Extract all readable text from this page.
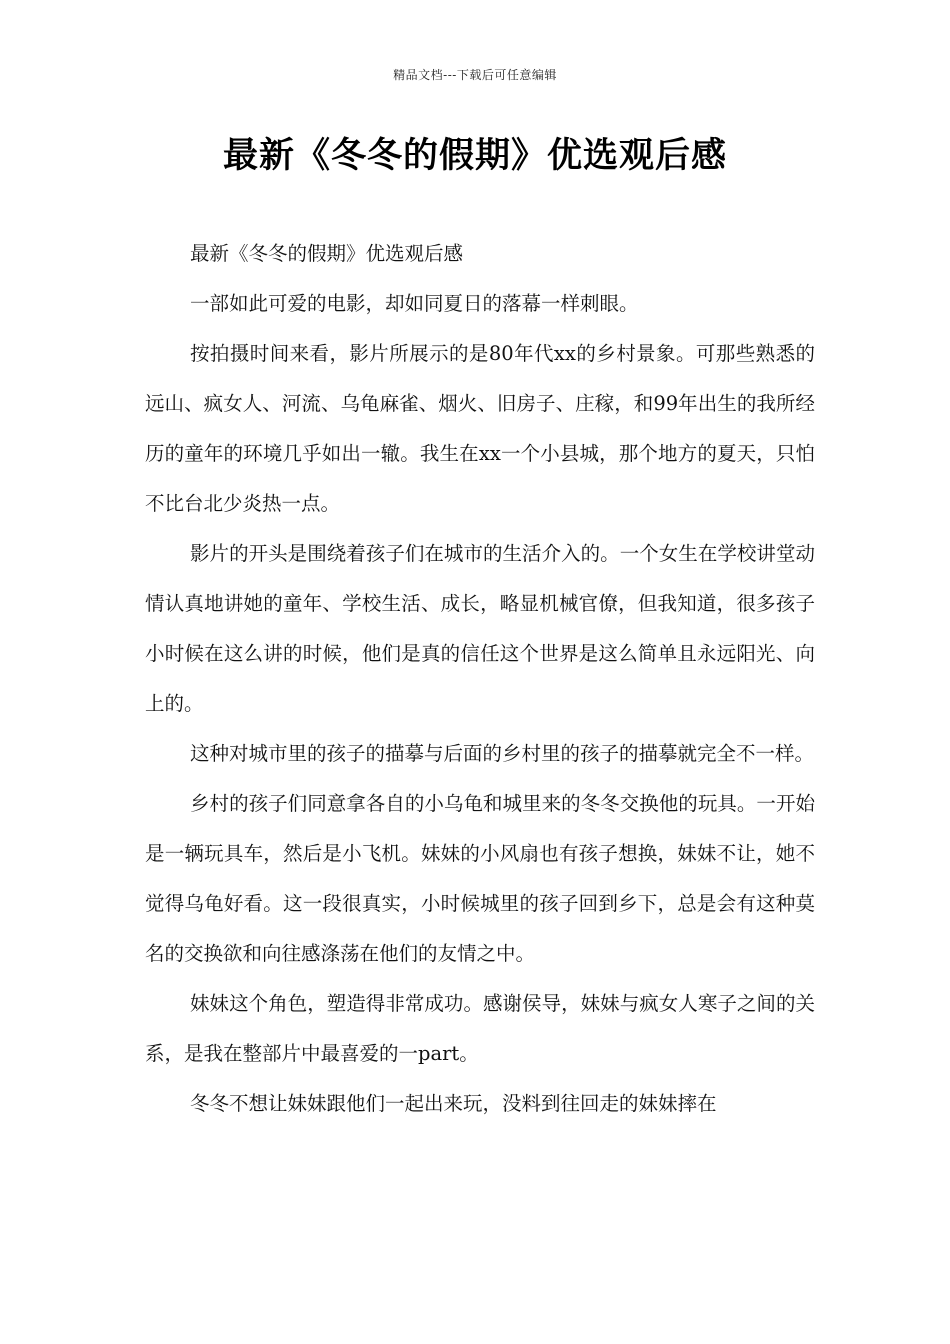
精品文档---下载后可任意编辑
最新《冬冬的假期》优选观后感

最新《冬冬的假期》优选观后感

一部如此可爱的电影，却如同夏日的落幕一样刺眼。

按拍摄时间来看，影片所展示的是80年代xx的乡村景象。可那些熟悉的远山、疯女人、河流、乌龟麻雀、烟火、旧房子、庄稼，和99年出生的我所经历的童年的环境几乎如出一辙。我生在xx一个小县城，那个地方的夏天，只怕不比台北少炎热一点。

影片的开头是围绕着孩子们在城市的生活介入的。一个女生在学校讲堂动情认真地讲她的童年、学校生活、成长，略显机械官僚，但我知道，很多孩子小时候在这么讲的时候，他们是真的信任这个世界是这么简单且永远阳光、向上的。

这种对城市里的孩子的描摹与后面的乡村里的孩子的描摹就完全不一样。

乡村的孩子们同意拿各自的小乌龟和城里来的冬冬交换他的玩具。一开始是一辆玩具车，然后是小飞机。妹妹的小风扇也有孩子想换，妹妹不让，她不觉得乌龟好看。这一段很真实，小时候城里的孩子回到乡下，总是会有这种莫名的交换欲和向往感涤荡在他们的友情之中。

妹妹这个角色，塑造得非常成功。感谢侯导，妹妹与疯女人寒子之间的关系，是我在整部片中最喜爱的一part。

冬冬不想让妹妹跟他们一起出来玩，没料到往回走的妹妹摔在
